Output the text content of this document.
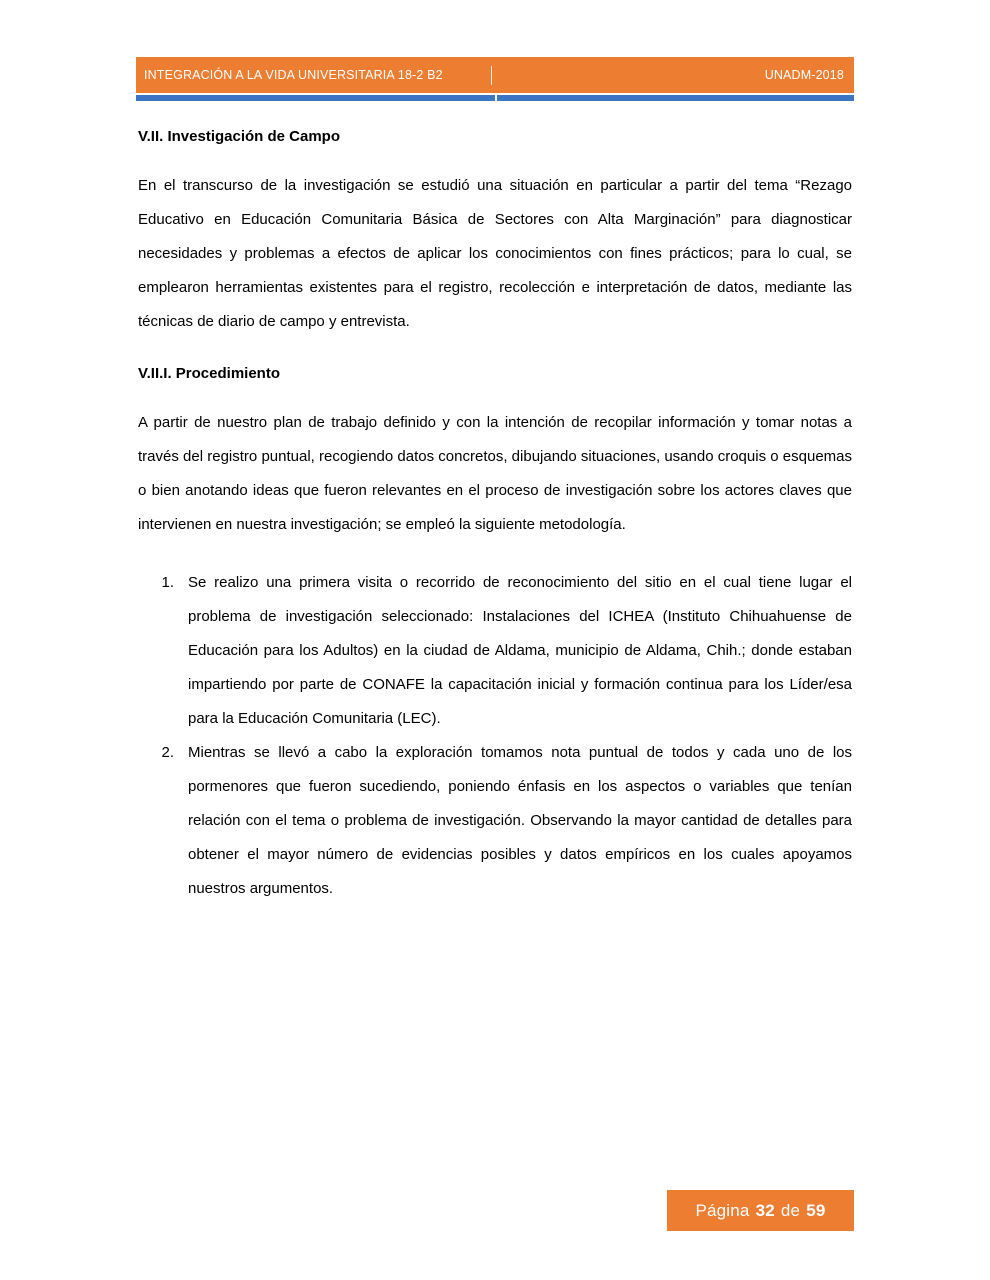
INTEGRACIÓN A LA VIDA UNIVERSITARIA 18-2 B2	UNADM-2018
V.II. Investigación de Campo

En el transcurso de la investigación se estudió una situación en particular a partir del tema “Rezago Educativo en Educación Comunitaria Básica de Sectores con Alta Marginación” para diagnosticar necesidades y problemas a efectos de aplicar los conocimientos con fines prácticos; para lo cual, se emplearon herramientas existentes para el registro, recolección e interpretación de datos, mediante las técnicas de diario de campo y entrevista.

V.II.I. Procedimiento

A partir de nuestro plan de trabajo definido y con la intención de recopilar información y tomar notas a través del registro puntual, recogiendo datos concretos, dibujando situaciones, usando croquis o esquemas o bien anotando ideas que fueron relevantes en el proceso de investigación sobre los actores claves que intervienen en nuestra investigación; se empleó la siguiente metodología.

Se realizo una primera visita o recorrido de reconocimiento del sitio en el cual tiene lugar el problema de investigación seleccionado: Instalaciones del ICHEA (Instituto Chihuahuense de Educación para los Adultos) en la ciudad de Aldama, municipio de Aldama, Chih.; donde estaban impartiendo por parte de CONAFE la capacitación inicial y formación continua para los Líder/esa para la Educación Comunitaria (LEC).
Mientras se llevó a cabo la exploración tomamos nota puntual de todos y cada uno de los pormenores que fueron sucediendo, poniendo énfasis en los aspectos o variables que tenían relación con el tema o problema de investigación. Observando la mayor cantidad de detalles para obtener el mayor número de evidencias posibles y datos empíricos en los cuales apoyamos nuestros argumentos.
Página 32 de 59
